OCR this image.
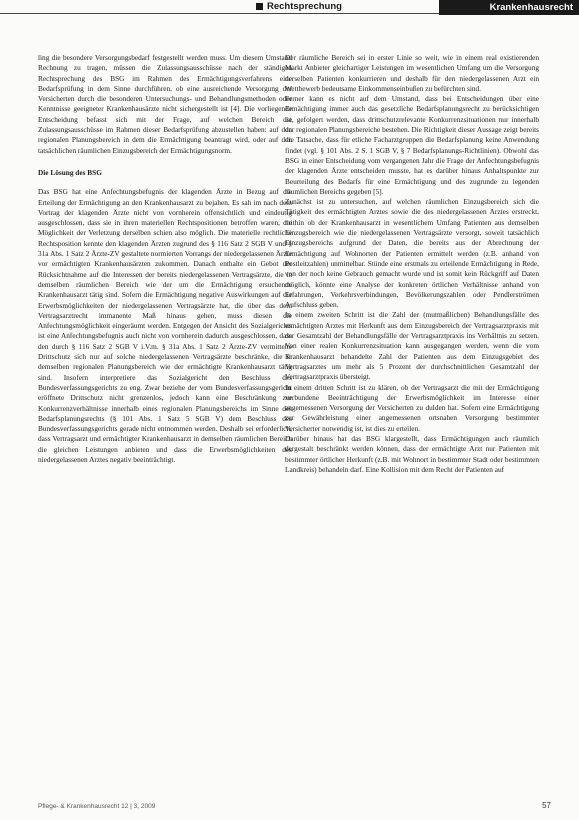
Rechtsprechung	Krankenhausrecht

ling die besondere Versorgungsbedarf festgestellt werden muss. Um diesem Umstand Rechnung zu tragen, müssen die Zulassungsausschüsse nach der ständigen Rechtsprechung des BSG im Rahmen des Ermächtigungsverfahrens eine Bedarfsprüfung in dem Sinne durchführen, ob eine ausreichende Versorgung der Versicherten durch die besonderen Untersuchungs- und Behandlungsmethoden oder Kenntnisse geeigneter Krankenhausärzte nicht sichergestellt ist [4]. Die vorliegende Entscheidung befasst sich mit der Frage, auf welchen Bereich die Zulassungsausschüsse im Rahmen dieser Bedarfsprüfung abzustellen haben: auf den regionalen Planungsbereich in dem die Ermächtigung beantragt wird, oder auf den tatsächlichen räumlichen Einzugsbereich der Ermächtigungsnorm.

Die Lösung des BSG

Das BSG hat eine Anfechtungsbefugnis der klagenden Ärzte in Bezug auf die Erteilung der Ermächtigung an den Krankenhausarzt zu bejahen. Es sah im nach dem Vortrag der klagenden Ärzte nicht von vornherein offensichtlich und eindeutig ausgeschlossen, dass sie in ihren materiellen Rechtspositionen betroffen waren, die Möglichkeit der Verletzung derselben schien also möglich. Die materielle rechtliche Rechtsposition kennte den klagenden Ärzten zugrund des § 116 Satz 2 SGB V und § 31a Abs. 1 Satz 2 Ärzte-ZV gestaltete normierten Vorrangs der niedergelassenen Ärzte vor ermächtigten Krankenhausärzten zukommen. Danach enthalte ein Gebot der Rücksichtnahme auf die Interessen der bereits niedergelassenen Vertragsärzte, die in demselben räumlichen Bereich wie der um die Ermächtigung ersuchende Krankenhausarzt tätig sind. Sofern die Ermächtigung negative Auswirkungen auf die Erwerbsmöglichkeiten der niedergelassenen Vertragsärzte hat, die über das dem Vertragsarztrecht immanente Maß hinaus gehen, muss diesen die Anfechtungsmöglichkeit eingeräumt werden. Entgegen der Ansicht des Sozialgerichts ist eine Anfechtungsbefugnis auch nicht von vornherein dadurch ausgeschlossen, dass den durch § 116 Satz 2 SGB V i.V.m. § 31a Abs. 1 Satz 2 Ärzte-ZV vermittelte Drittschutz sich nur auf solche niedergelassenen Vertragsärzte beschränke, die in demselben regionalen Planungsbereich wie der ermächtigte Krankenhausarzt tätig sind. Insofern interpretiere das Sozialgericht den Beschluss des Bundesverfassungsgerichts zu eng. Zwar beziehe der vom Bundesverfassungsgericht eröffnete Drittschutz nicht grenzenlos, jedoch kann eine Beschränkung zur Konkurrenzverhältnisse innerhalb eines regionalen Planungsbereichs im Sinne des Bedarfsplanungsrechts (§ 101 Abs. 1 Satz 5 SGB V) dem Beschluss des Bundesverfassungsgerichts gerade nicht entnommen werden. Deshalb sei erforderlich, dass Vertragsarzt und ermächtigter Krankenhausarzt in demselben räumlichen Bereich die gleichen Leistungen anbieten und dass die Erwerbsmöglichkeiten des niedergelassenen Arztes negativ beeinträchtigt.

Der räumliche Bereich sei in erster Linie so weit, wie in einem real existierenden Markt Anbieter gleichartiger Leistungen im wesentlichen Umfang um die Versorgung derselben Patienten konkurrieren und deshalb für den niedergelassenen Arzt ein Wettbewerb bedeutsame Einkommenseinbußen zu befürchten sind.

Ferner kann es nicht auf dem Umstand, dass bei Entscheidungen über eine Ermächtigung immer auch das gesetzliche Bedarfsplanungsrecht zu berücksichtigen ist, gefolgert werden, dass drittschutzrelevante Konkurrenzsituationen nur innerhalb der regionalen Planungsbereiche bestehen. Die Richtigkeit dieser Aussage zeigt bereits die Tatsache, dass für etliche Facharztgruppen die Bedarfsplanung keine Anwendung findet (vgl. § 101 Abs. 2 S. 1 SGB V, § 7 Bedarfsplanungs-Richtlinien). Obwohl das BSG in einer Entscheidung vom vergangenen Jahr die Frage der Anfechtungsbefugnis der klagenden Ärzte entscheiden musste, hat es darüber hinaus Anhaltspunkte zur Beurteilung des Bedarfs für eine Ermächtigung und des zugrunde zu legenden räumlichen Bereichs gegeben [5].

Zunächst ist zu untersuchen, auf welchen räumlichen Einzugsbereich sich die Tätigkeit des ermächtigten Arztes sowie die des niedergelassenen Arztes erstreckt, mithin ob der Krankenhausarzt in wesentlichem Umfang Patienten aus demselben Einzugsbereich wie die niedergelassenen Vertragsärzte versorgt, soweit tatsächlich Einzugsbereichs aufgrund der Daten, die bereits aus der Abrechnung der Ermächtigung auf Wohnorten der Patienten ermittelt werden (z.B. anhand von Postleitzahlen) unmittelbar. Stünde eine erstmals zu erteilende Ermächtigung in Rede, von der noch keine Gebrauch gemacht wurde und ist somit kein Rückgriff auf Daten möglich, könnte eine Analyse der konkreten örtlichen Verhältnisse anhand von Erfahrungen, Verkehrsverbindungen, Bevölkerungszahlen oder Pendlerströmen Aufschluss geben.

In einem zweiten Schritt ist die Zahl der (mutmaßlichen) Behandlungsfälle des ermächtigten Arztes mit Herkunft aus dem Einzugsbereich der Vertragsarztpraxis mit der Gesamtzahl der Behandlungsfälle der Vertragsarztpraxis ins Verhältnis zu setzen. Von einer realen Konkurrenzsituation kann ausgegangen werden, wenn die vom Krankenhausarzt behandelte Zahl der Patienten aus dem Einzugsgebiet des Vertragsarztes um mehr als 5 Prozent der durchschnittlichen Gesamtzahl der Vertragsarztpraxis übersteigt.

In einem dritten Schritt ist zu klären, ob der Vertragsarzt die mit der Ermächtigung verbundene Beeinträchtigung der Erwerbsmöglichkeit im Interesse einer angemessenen Versorgung der Versicherten zu dulden hat. Sofern eine Ermächtigung zur Gewährleistung einer angemessenen ortsnahen Versorgung bestimmter Versicherter notwendig ist, ist dies zu erteilen.

Darüber hinaus hat das BSG klargestellt, dass Ermächtigungen auch räumlich dergestalt beschränkt werden können, dass der ermächtigte Arzt nur Patienten mit bestimmter örtlicher Herkunft (z.B. mit Wohnort in bestimmter Stadt oder bestimmten Landkreis) behandeln darf. Eine Kollision mit dem Recht der Patienten auf

Pflege- & Krankenhausrecht 12 | 3, 2009	57
